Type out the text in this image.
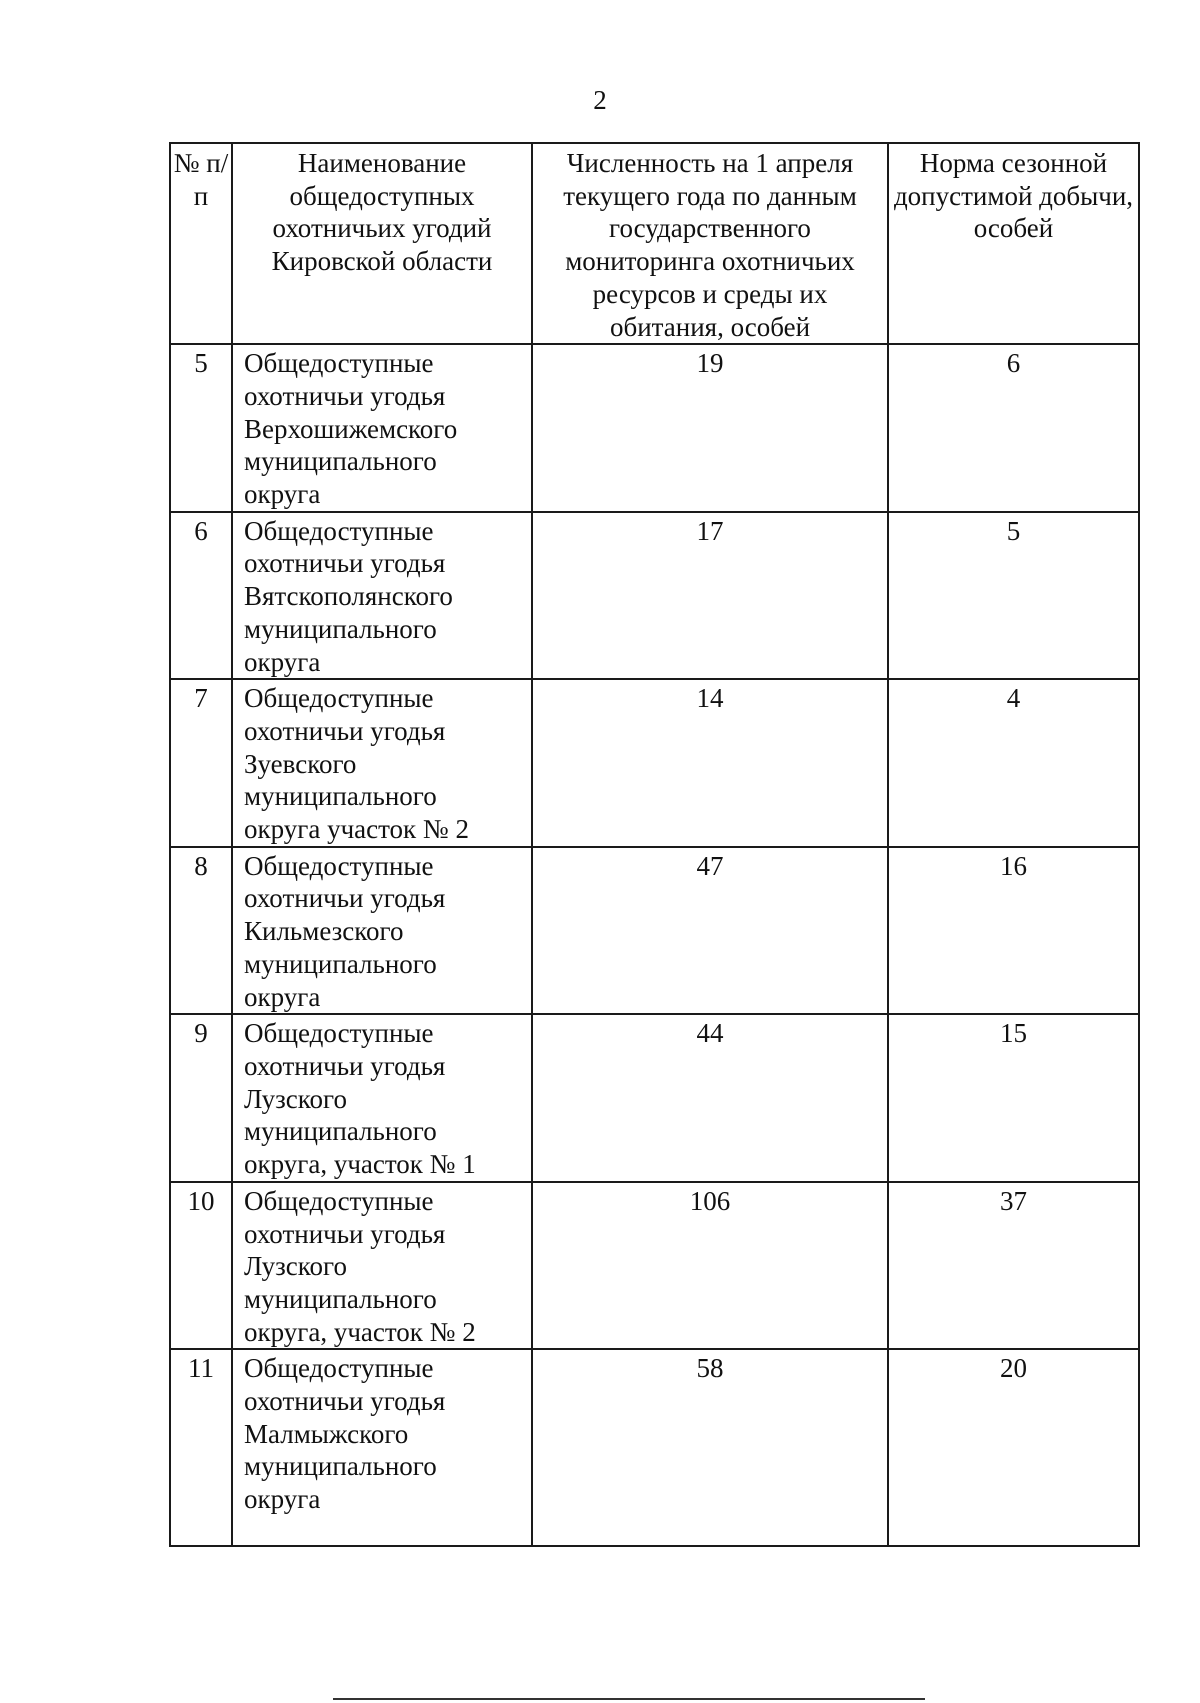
2
№ п/п	Наименование общедоступных охотничьих угодий Кировской области	Численность на 1 апреля текущего года по данным государственного мониторинга охотничьих ресурсов и среды их обитания, особей	Норма сезонной допустимой добычи, особей
5	Общедоступные
охотничьи угодья
Верхошижемского
муниципального
округа	19	6
6	Общедоступные
охотничьи угодья
Вятскополянского
муниципального
округа	17	5
7	Общедоступные
охотничьи угодья
Зуевского
муниципального
округа участок № 2	14	4
8	Общедоступные
охотничьи угодья
Кильмезского
муниципального
округа	47	16
9	Общедоступные
охотничьи угодья
Лузского
муниципального
округа, участок № 1	44	15
10	Общедоступные
охотничьи угодья
Лузского
муниципального
округа, участок № 2	106	37
11	Общедоступные
охотничьи угодья
Малмыжского
муниципального
округа	58	20
